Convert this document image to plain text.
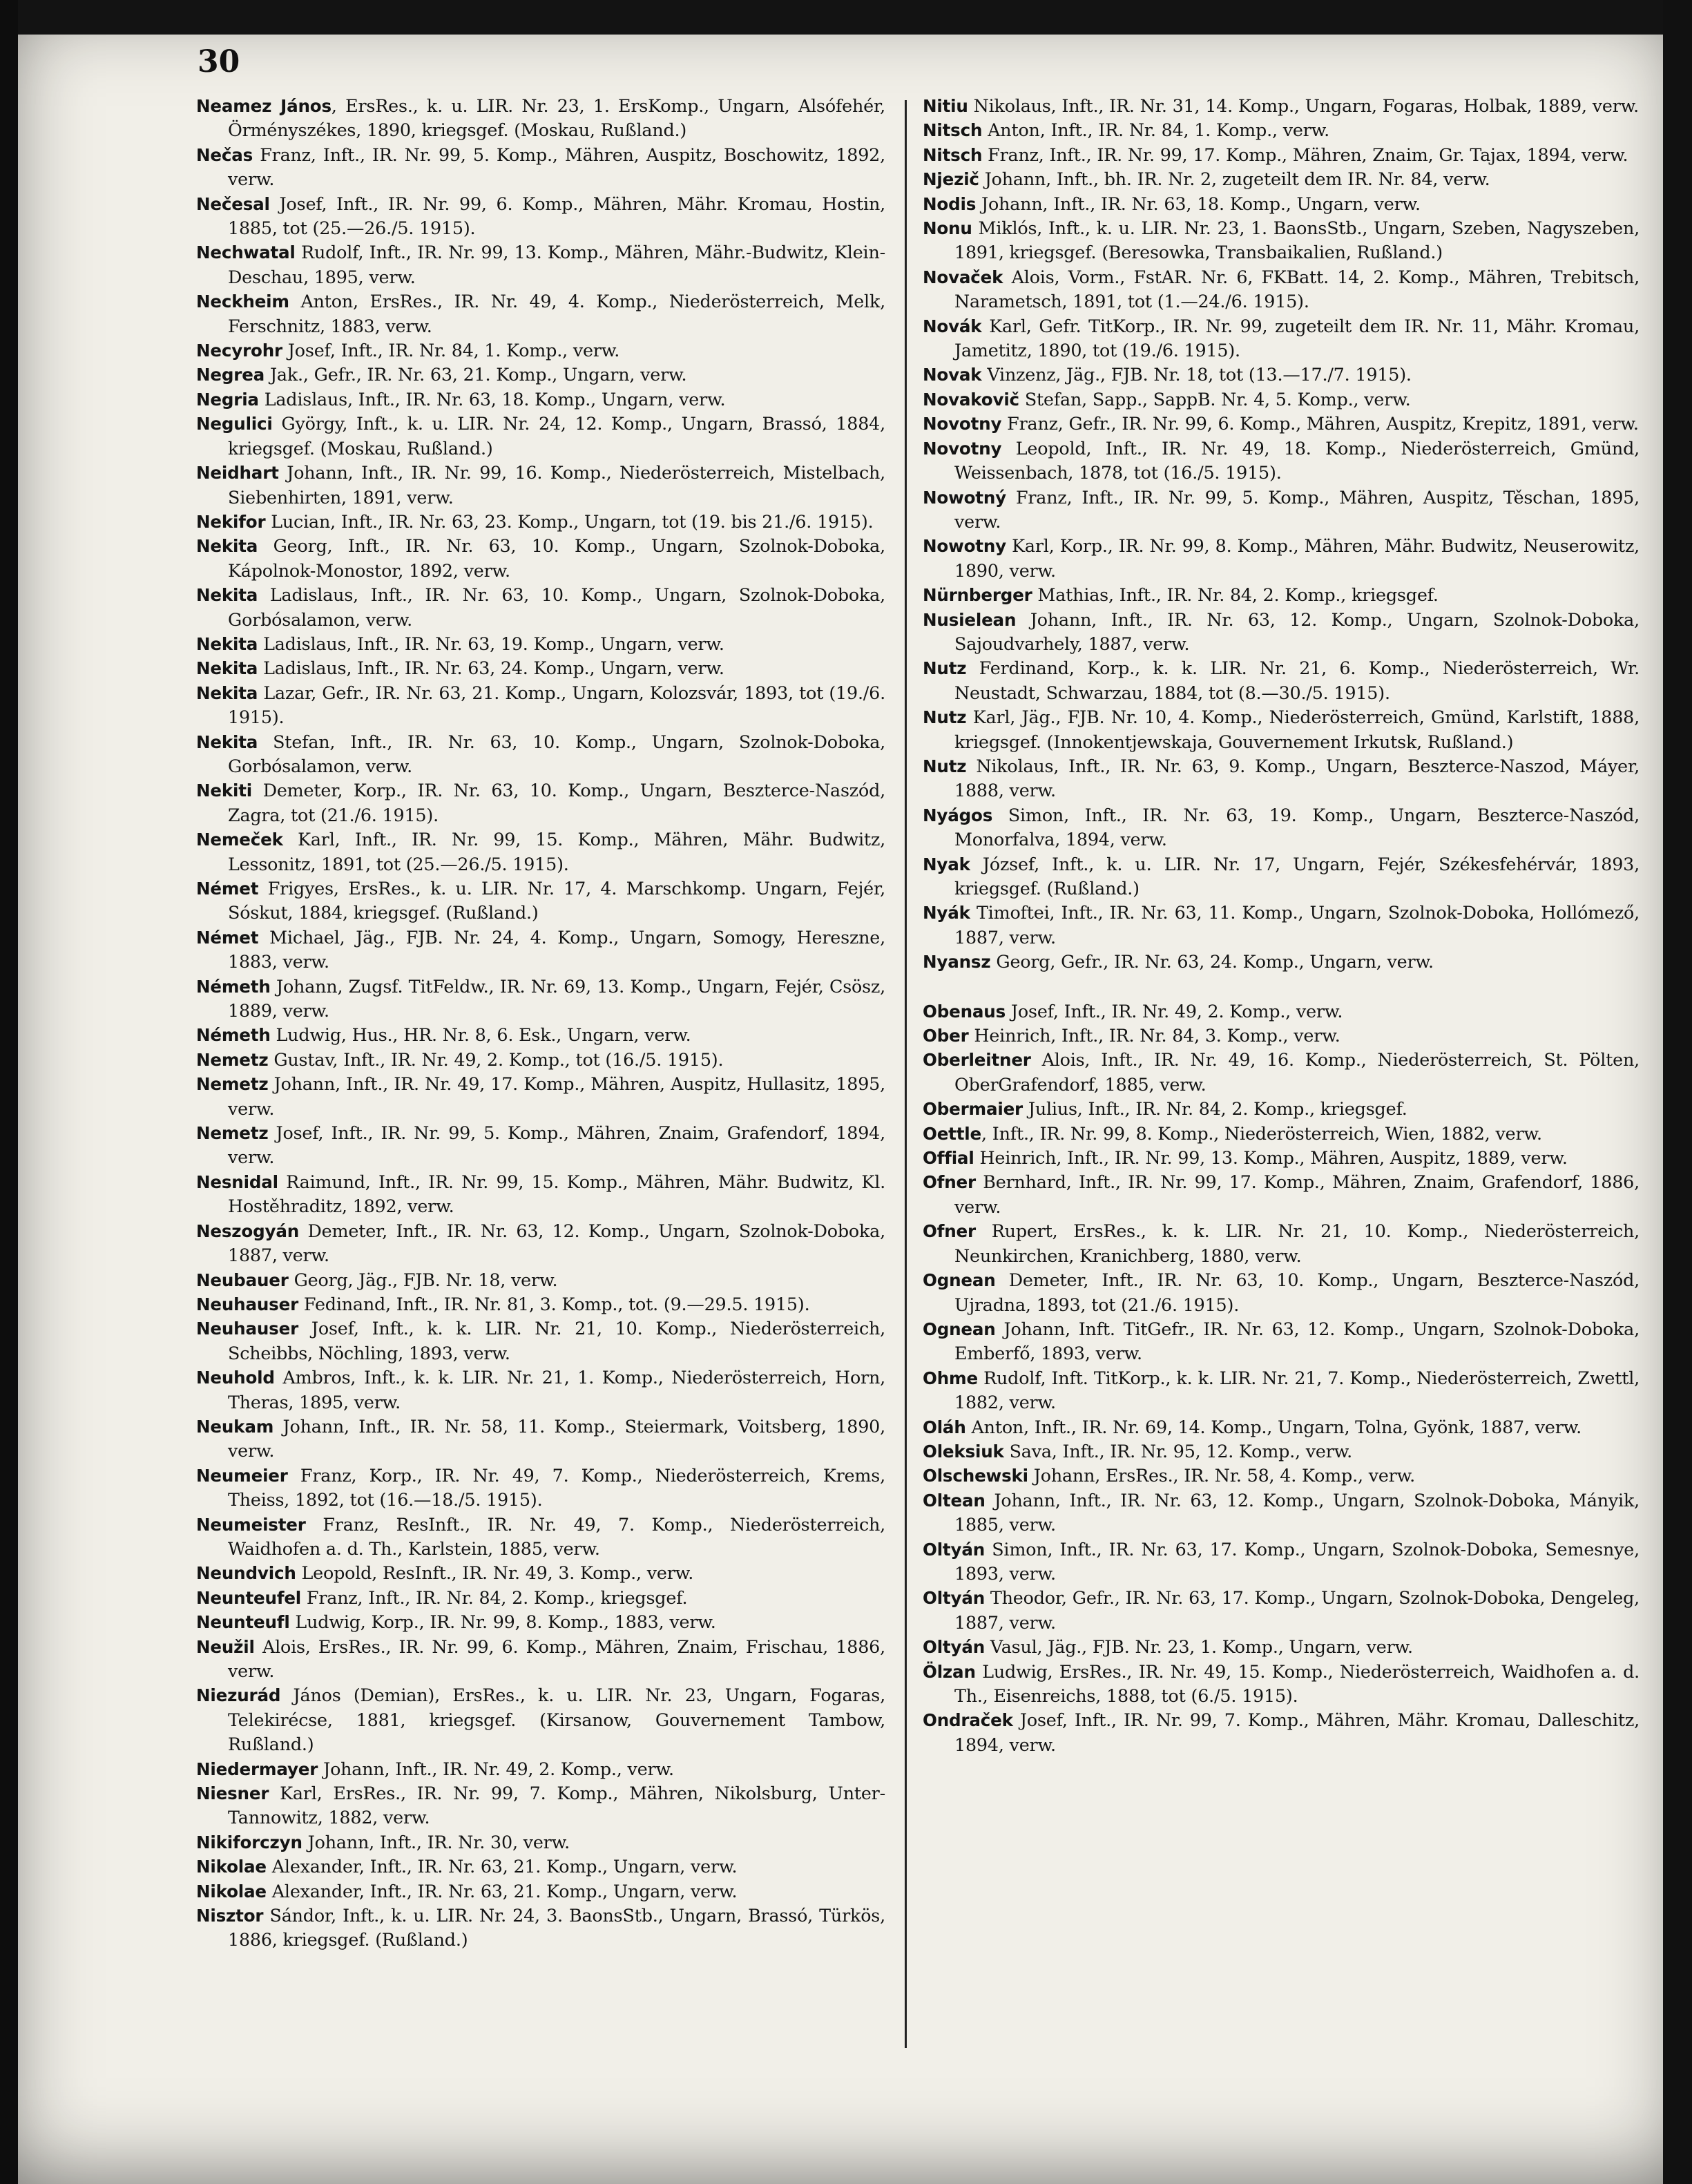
30

Neamez János, ErsRes., k. u. LIR. Nr. 23, 1. ErsKomp., Ungarn, Alsófehér, Örményszékes, 1890, kriegsgef. (Moskau, Rußland.)

Nečas Franz, Inft., IR. Nr. 99, 5. Komp., Mähren, Auspitz, Boschowitz, 1892, verw.

Nečesal Josef, Inft., IR. Nr. 99, 6. Komp., Mähren, Mähr. Kromau, Hostin, 1885, tot (25.—26./5. 1915).

Nechwatal Rudolf, Inft., IR. Nr. 99, 13. Komp., Mähren, Mähr.-Budwitz, Klein-Deschau, 1895, verw.

Neckheim Anton, ErsRes., IR. Nr. 49, 4. Komp., Niederösterreich, Melk, Ferschnitz, 1883, verw.

Necyrohr Josef, Inft., IR. Nr. 84, 1. Komp., verw.

Negrea Jak., Gefr., IR. Nr. 63, 21. Komp., Ungarn, verw.

Negria Ladislaus, Inft., IR. Nr. 63, 18. Komp., Ungarn, verw.

Negulici György, Inft., k. u. LIR. Nr. 24, 12. Komp., Ungarn, Brassó, 1884, kriegsgef. (Moskau, Rußland.)

Neidhart Johann, Inft., IR. Nr. 99, 16. Komp., Niederösterreich, Mistelbach, Siebenhirten, 1891, verw.

Nekifor Lucian, Inft., IR. Nr. 63, 23. Komp., Ungarn, tot (19. bis 21./6. 1915).

Nekita Georg, Inft., IR. Nr. 63, 10. Komp., Ungarn, Szolnok-Doboka, Kápolnok-Monostor, 1892, verw.

Nekita Ladislaus, Inft., IR. Nr. 63, 10. Komp., Ungarn, Szolnok-Doboka, Gorbósalamon, verw.

Nekita Ladislaus, Inft., IR. Nr. 63, 19. Komp., Ungarn, verw.

Nekita Ladislaus, Inft., IR. Nr. 63, 24. Komp., Ungarn, verw.

Nekita Lazar, Gefr., IR. Nr. 63, 21. Komp., Ungarn, Kolozsvár, 1893, tot (19./6. 1915).

Nekita Stefan, Inft., IR. Nr. 63, 10. Komp., Ungarn, Szolnok-Doboka, Gorbósalamon, verw.

Nekiti Demeter, Korp., IR. Nr. 63, 10. Komp., Ungarn, Beszterce-Naszód, Zagra, tot (21./6. 1915).

Nemeček Karl, Inft., IR. Nr. 99, 15. Komp., Mähren, Mähr. Budwitz, Lessonitz, 1891, tot (25.—26./5. 1915).

Német Frigyes, ErsRes., k. u. LIR. Nr. 17, 4. Marschkomp. Ungarn, Fejér, Sóskut, 1884, kriegsgef. (Rußland.)

Német Michael, Jäg., FJB. Nr. 24, 4. Komp., Ungarn, Somogy, Hereszne, 1883, verw.

Németh Johann, Zugsf. TitFeldw., IR. Nr. 69, 13. Komp., Ungarn, Fejér, Csösz, 1889, verw.

Németh Ludwig, Hus., HR. Nr. 8, 6. Esk., Ungarn, verw.

Nemetz Gustav, Inft., IR. Nr. 49, 2. Komp., tot (16./5. 1915).

Nemetz Johann, Inft., IR. Nr. 49, 17. Komp., Mähren, Auspitz, Hullasitz, 1895, verw.

Nemetz Josef, Inft., IR. Nr. 99, 5. Komp., Mähren, Znaim, Grafendorf, 1894, verw.

Nesnidal Raimund, Inft., IR. Nr. 99, 15. Komp., Mähren, Mähr. Budwitz, Kl. Hostěhraditz, 1892, verw.

Neszogyán Demeter, Inft., IR. Nr. 63, 12. Komp., Ungarn, Szolnok-Doboka, 1887, verw.

Neubauer Georg, Jäg., FJB. Nr. 18, verw.

Neuhauser Fedinand, Inft., IR. Nr. 81, 3. Komp., tot. (9.—29.5. 1915).

Neuhauser Josef, Inft., k. k. LIR. Nr. 21, 10. Komp., Niederösterreich, Scheibbs, Nöchling, 1893, verw.

Neuhold Ambros, Inft., k. k. LIR. Nr. 21, 1. Komp., Niederösterreich, Horn, Theras, 1895, verw.

Neukam Johann, Inft., IR. Nr. 58, 11. Komp., Steiermark, Voitsberg, 1890, verw.

Neumeier Franz, Korp., IR. Nr. 49, 7. Komp., Niederösterreich, Krems, Theiss, 1892, tot (16.—18./5. 1915).

Neumeister Franz, ResInft., IR. Nr. 49, 7. Komp., Niederösterreich, Waidhofen a. d. Th., Karlstein, 1885, verw.

Neundvich Leopold, ResInft., IR. Nr. 49, 3. Komp., verw.

Neunteufel Franz, Inft., IR. Nr. 84, 2. Komp., kriegsgef.

Neunteufl Ludwig, Korp., IR. Nr. 99, 8. Komp., 1883, verw.

Neužil Alois, ErsRes., IR. Nr. 99, 6. Komp., Mähren, Znaim, Frischau, 1886, verw.

Niezurád János (Demian), ErsRes., k. u. LIR. Nr. 23, Ungarn, Fogaras, Telekirécse, 1881, kriegsgef. (Kirsanow, Gouvernement Tambow, Rußland.)

Niedermayer Johann, Inft., IR. Nr. 49, 2. Komp., verw.

Niesner Karl, ErsRes., IR. Nr. 99, 7. Komp., Mähren, Nikolsburg, Unter-Tannowitz, 1882, verw.

Nikiforczyn Johann, Inft., IR. Nr. 30, verw.

Nikolae Alexander, Inft., IR. Nr. 63, 21. Komp., Ungarn, verw.

Nikolae Alexander, Inft., IR. Nr. 63, 21. Komp., Ungarn, verw.

Nisztor Sándor, Inft., k. u. LIR. Nr. 24, 3. BaonsStb., Ungarn, Brassó, Türkös, 1886, kriegsgef. (Rußland.)

Nitiu Nikolaus, Inft., IR. Nr. 31, 14. Komp., Ungarn, Fogaras, Holbak, 1889, verw.

Nitsch Anton, Inft., IR. Nr. 84, 1. Komp., verw.

Nitsch Franz, Inft., IR. Nr. 99, 17. Komp., Mähren, Znaim, Gr. Tajax, 1894, verw.

Njezič Johann, Inft., bh. IR. Nr. 2, zugeteilt dem IR. Nr. 84, verw.

Nodis Johann, Inft., IR. Nr. 63, 18. Komp., Ungarn, verw.

Nonu Miklós, Inft., k. u. LIR. Nr. 23, 1. BaonsStb., Ungarn, Szeben, Nagyszeben, 1891, kriegsgef. (Beresowka, Transbaikalien, Rußland.)

Novaček Alois, Vorm., FstAR. Nr. 6, FKBatt. 14, 2. Komp., Mähren, Trebitsch, Narametsch, 1891, tot (1.—24./6. 1915).

Novák Karl, Gefr. TitKorp., IR. Nr. 99, zugeteilt dem IR. Nr. 11, Mähr. Kromau, Jametitz, 1890, tot (19./6. 1915).

Novak Vinzenz, Jäg., FJB. Nr. 18, tot (13.—17./7. 1915).

Novakovič Stefan, Sapp., SappB. Nr. 4, 5. Komp., verw.

Novotny Franz, Gefr., IR. Nr. 99, 6. Komp., Mähren, Auspitz, Krepitz, 1891, verw.

Novotny Leopold, Inft., IR. Nr. 49, 18. Komp., Niederösterreich, Gmünd, Weissenbach, 1878, tot (16./5. 1915).

Nowotný Franz, Inft., IR. Nr. 99, 5. Komp., Mähren, Auspitz, Těschan, 1895, verw.

Nowotny Karl, Korp., IR. Nr. 99, 8. Komp., Mähren, Mähr. Budwitz, Neuserowitz, 1890, verw.

Nürnberger Mathias, Inft., IR. Nr. 84, 2. Komp., kriegsgef.

Nusielean Johann, Inft., IR. Nr. 63, 12. Komp., Ungarn, Szolnok-Doboka, Sajoudvarhely, 1887, verw.

Nutz Ferdinand, Korp., k. k. LIR. Nr. 21, 6. Komp., Niederösterreich, Wr. Neustadt, Schwarzau, 1884, tot (8.—30./5. 1915).

Nutz Karl, Jäg., FJB. Nr. 10, 4. Komp., Niederösterreich, Gmünd, Karlstift, 1888, kriegsgef. (Innokentjewskaja, Gouvernement Irkutsk, Rußland.)

Nutz Nikolaus, Inft., IR. Nr. 63, 9. Komp., Ungarn, Beszterce-Naszod, Máyer, 1888, verw.

Nyágos Simon, Inft., IR. Nr. 63, 19. Komp., Ungarn, Beszterce-Naszód, Monorfalva, 1894, verw.

Nyak József, Inft., k. u. LIR. Nr. 17, Ungarn, Fejér, Székesfehérvár, 1893, kriegsgef. (Rußland.)

Nyák Timoftei, Inft., IR. Nr. 63, 11. Komp., Ungarn, Szolnok-Doboka, Hollómező, 1887, verw.

Nyansz Georg, Gefr., IR. Nr. 63, 24. Komp., Ungarn, verw.

Obenaus Josef, Inft., IR. Nr. 49, 2. Komp., verw.

Ober Heinrich, Inft., IR. Nr. 84, 3. Komp., verw.

Oberleitner Alois, Inft., IR. Nr. 49, 16. Komp., Niederösterreich, St. Pölten, OberGrafendorf, 1885, verw.

Obermaier Julius, Inft., IR. Nr. 84, 2. Komp., kriegsgef.

Oettle, Inft., IR. Nr. 99, 8. Komp., Niederösterreich, Wien, 1882, verw.

Offial Heinrich, Inft., IR. Nr. 99, 13. Komp., Mähren, Auspitz, 1889, verw.

Ofner Bernhard, Inft., IR. Nr. 99, 17. Komp., Mähren, Znaim, Grafendorf, 1886, verw.

Ofner Rupert, ErsRes., k. k. LIR. Nr. 21, 10. Komp., Niederösterreich, Neunkirchen, Kranichberg, 1880, verw.

Ognean Demeter, Inft., IR. Nr. 63, 10. Komp., Ungarn, Beszterce-Naszód, Ujradna, 1893, tot (21./6. 1915).

Ognean Johann, Inft. TitGefr., IR. Nr. 63, 12. Komp., Ungarn, Szolnok-Doboka, Emberfő, 1893, verw.

Ohme Rudolf, Inft. TitKorp., k. k. LIR. Nr. 21, 7. Komp., Niederösterreich, Zwettl, 1882, verw.

Oláh Anton, Inft., IR. Nr. 69, 14. Komp., Ungarn, Tolna, Gyönk, 1887, verw.

Oleksiuk Sava, Inft., IR. Nr. 95, 12. Komp., verw.

Olschewski Johann, ErsRes., IR. Nr. 58, 4. Komp., verw.

Oltean Johann, Inft., IR. Nr. 63, 12. Komp., Ungarn, Szolnok-Doboka, Mányik, 1885, verw.

Oltyán Simon, Inft., IR. Nr. 63, 17. Komp., Ungarn, Szolnok-Doboka, Semesnye, 1893, verw.

Oltyán Theodor, Gefr., IR. Nr. 63, 17. Komp., Ungarn, Szolnok-Doboka, Dengeleg, 1887, verw.

Oltyán Vasul, Jäg., FJB. Nr. 23, 1. Komp., Ungarn, verw.

Ölzan Ludwig, ErsRes., IR. Nr. 49, 15. Komp., Niederösterreich, Waidhofen a. d. Th., Eisenreichs, 1888, tot (6./5. 1915).

Ondraček Josef, Inft., IR. Nr. 99, 7. Komp., Mähren, Mähr. Kromau, Dalleschitz, 1894, verw.
